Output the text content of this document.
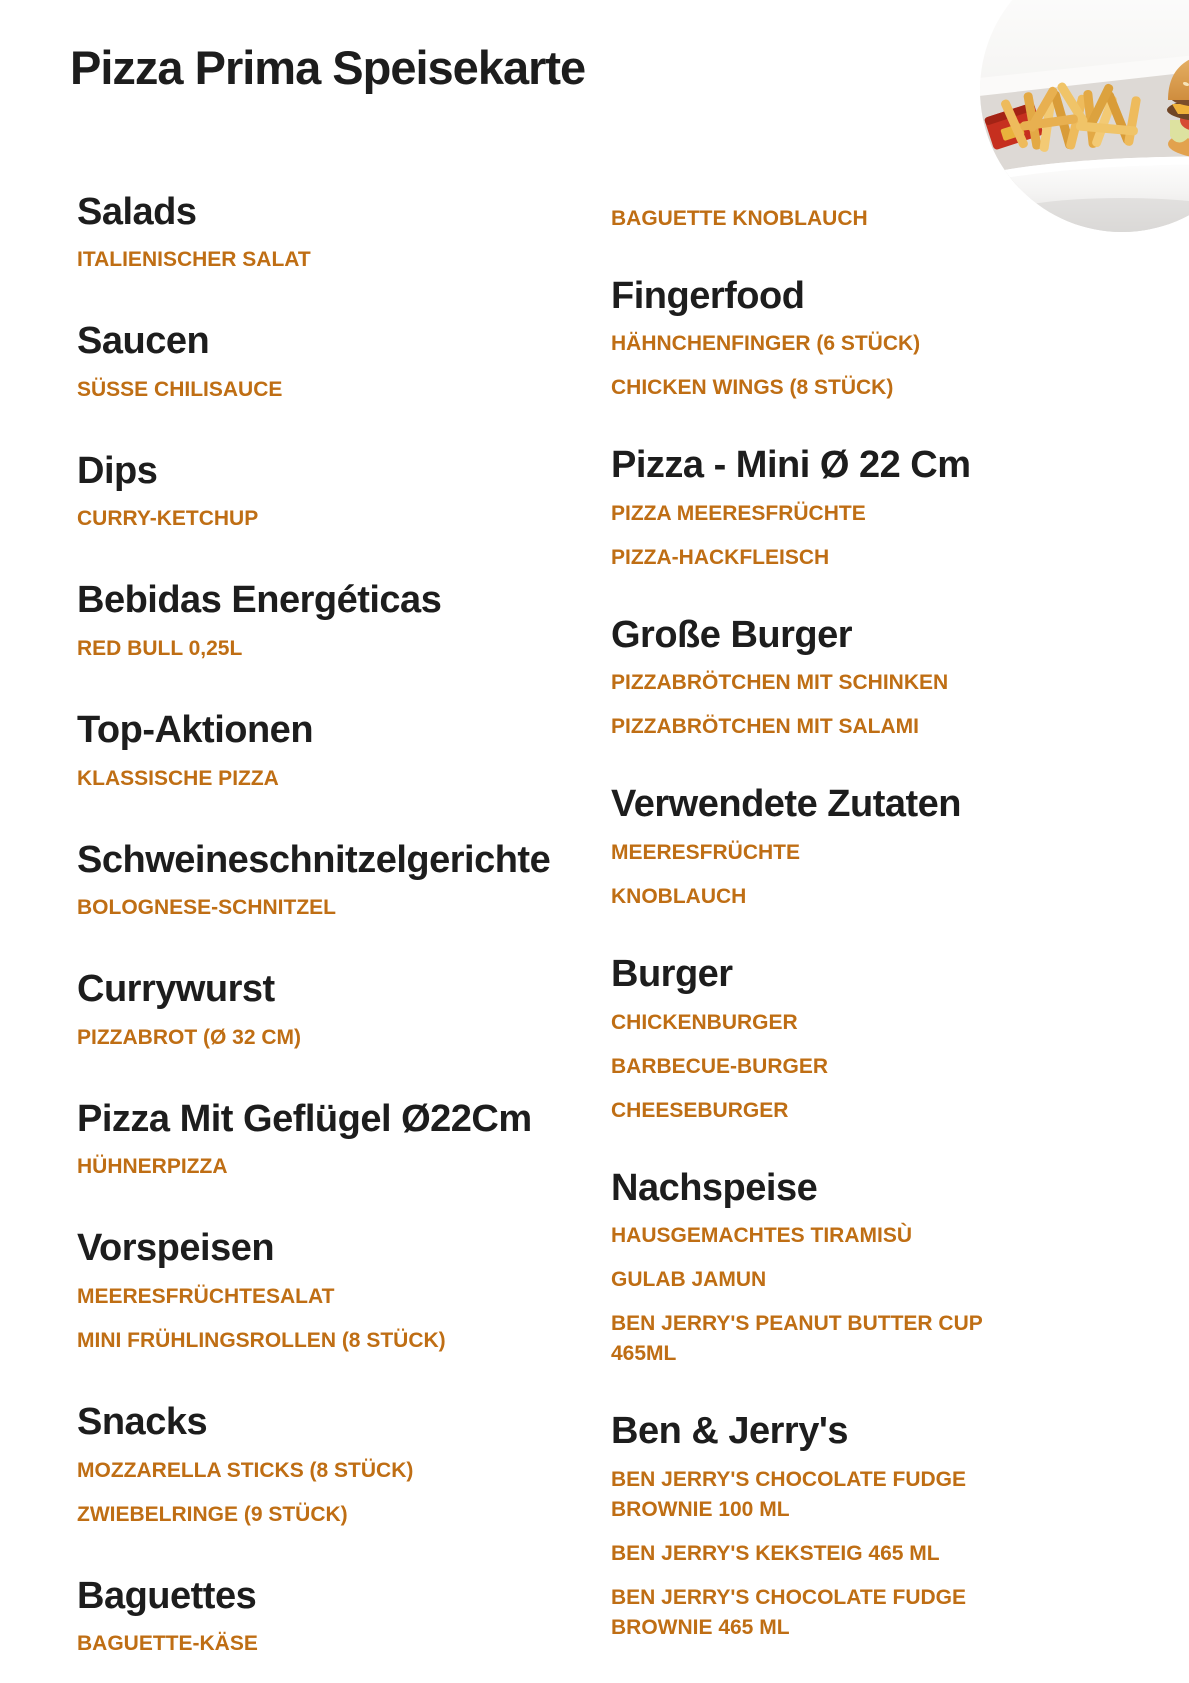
Pizza Prima Speisekarte
Salads
ITALIENISCHER SALAT
Saucen
SÜSSE CHILISAUCE
Dips
CURRY-KETCHUP
Bebidas Energéticas
RED BULL 0,25L
Top-Aktionen
KLASSISCHE PIZZA
Schweineschnitzelgerichte
BOLOGNESE-SCHNITZEL
Currywurst
PIZZABROT (Ø 32 CM)
Pizza Mit Geflügel Ø22Cm
HÜHNERPIZZA
Vorspeisen
MEERESFRÜCHTESALAT
MINI FRÜHLINGSROLLEN (8 STÜCK)
Snacks
MOZZARELLA STICKS (8 STÜCK)
ZWIEBELRINGE (9 STÜCK)
Baguettes
BAGUETTE-KÄSE
BAGUETTE KNOBLAUCH
Fingerfood
HÄHNCHENFINGER (6 STÜCK)
CHICKEN WINGS (8 STÜCK)
Pizza - Mini Ø 22 Cm
PIZZA MEERESFRÜCHTE
PIZZA-HACKFLEISCH
Große Burger
PIZZABRÖTCHEN MIT SCHINKEN
PIZZABRÖTCHEN MIT SALAMI
Verwendete Zutaten
MEERESFRÜCHTE
KNOBLAUCH
Burger
CHICKENBURGER
BARBECUE-BURGER
CHEESEBURGER
Nachspeise
HAUSGEMACHTES TIRAMISÙ
GULAB JAMUN
BEN JERRY'S PEANUT BUTTER CUP 465ML
Ben & Jerry's
BEN JERRY'S CHOCOLATE FUDGE BROWNIE 100 ML
BEN JERRY'S KEKSTEIG 465 ML
BEN JERRY'S CHOCOLATE FUDGE BROWNIE 465 ML
